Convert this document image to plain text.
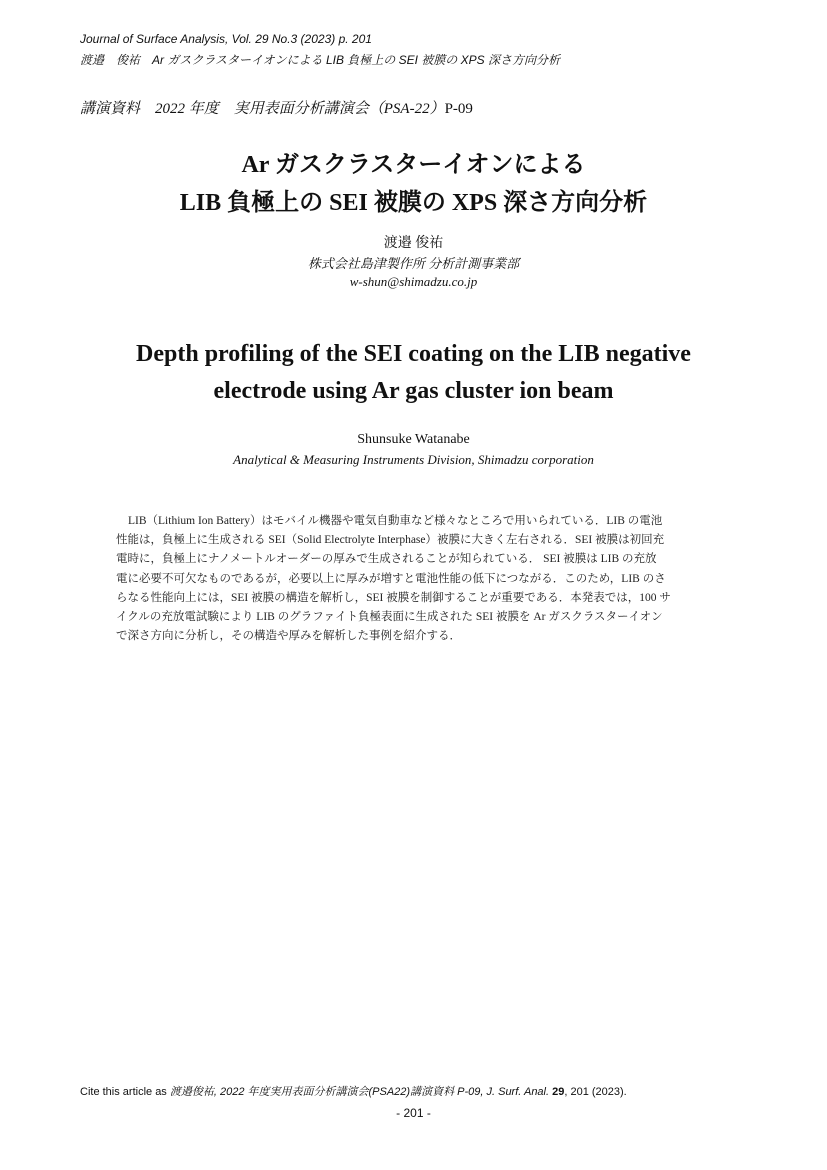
Journal of Surface Analysis, Vol. 29 No.3 (2023) p. 201
渡邉　俊祐　Ar ガスクラスターイオンによる LIB 負極上の SEI 被膜の XPS 深さ方向分析
講演資料　2022 年度　実用表面分析講演会（PSA-22）P-09
Ar ガスクラスターイオンによる
LIB 負極上の SEI 被膜の XPS 深さ方向分析
渡邉 俊祐
株式会社島津製作所 分析計測事業部
w-shun@shimadzu.co.jp
Depth profiling of the SEI coating on the LIB negative
electrode using Ar gas cluster ion beam
Shunsuke Watanabe
Analytical & Measuring Instruments Division, Shimadzu corporation
LIB（Lithium Ion Battery）はモバイル機器や電気自動車など様々なところで用いられている．LIB の電池
性能は，負極上に生成される SEI（Solid Electrolyte Interphase）被膜に大きく左右される．SEI 被膜は初回充
電時に，負極上にナノメートルオーダーの厚みで生成されることが知られている． SEI 被膜は LIB の充放
電に必要不可欠なものであるが，必要以上に厚みが増すと電池性能の低下につながる．このため，LIB のさ
らなる性能向上には，SEI 被膜の構造を解析し，SEI 被膜を制御することが重要である．本発表では，100 サ
イクルの充放電試験により LIB のグラファイト負極表面に生成された SEI 被膜を Ar ガスクラスターイオン
で深さ方向に分析し，その構造や厚みを解析した事例を紹介する．
Cite this article as 渡邉俊祐, 2022 年度実用表面分析講演会(PSA22)講演資料 P-09, J. Surf. Anal. 29, 201 (2023).
- 201 -
